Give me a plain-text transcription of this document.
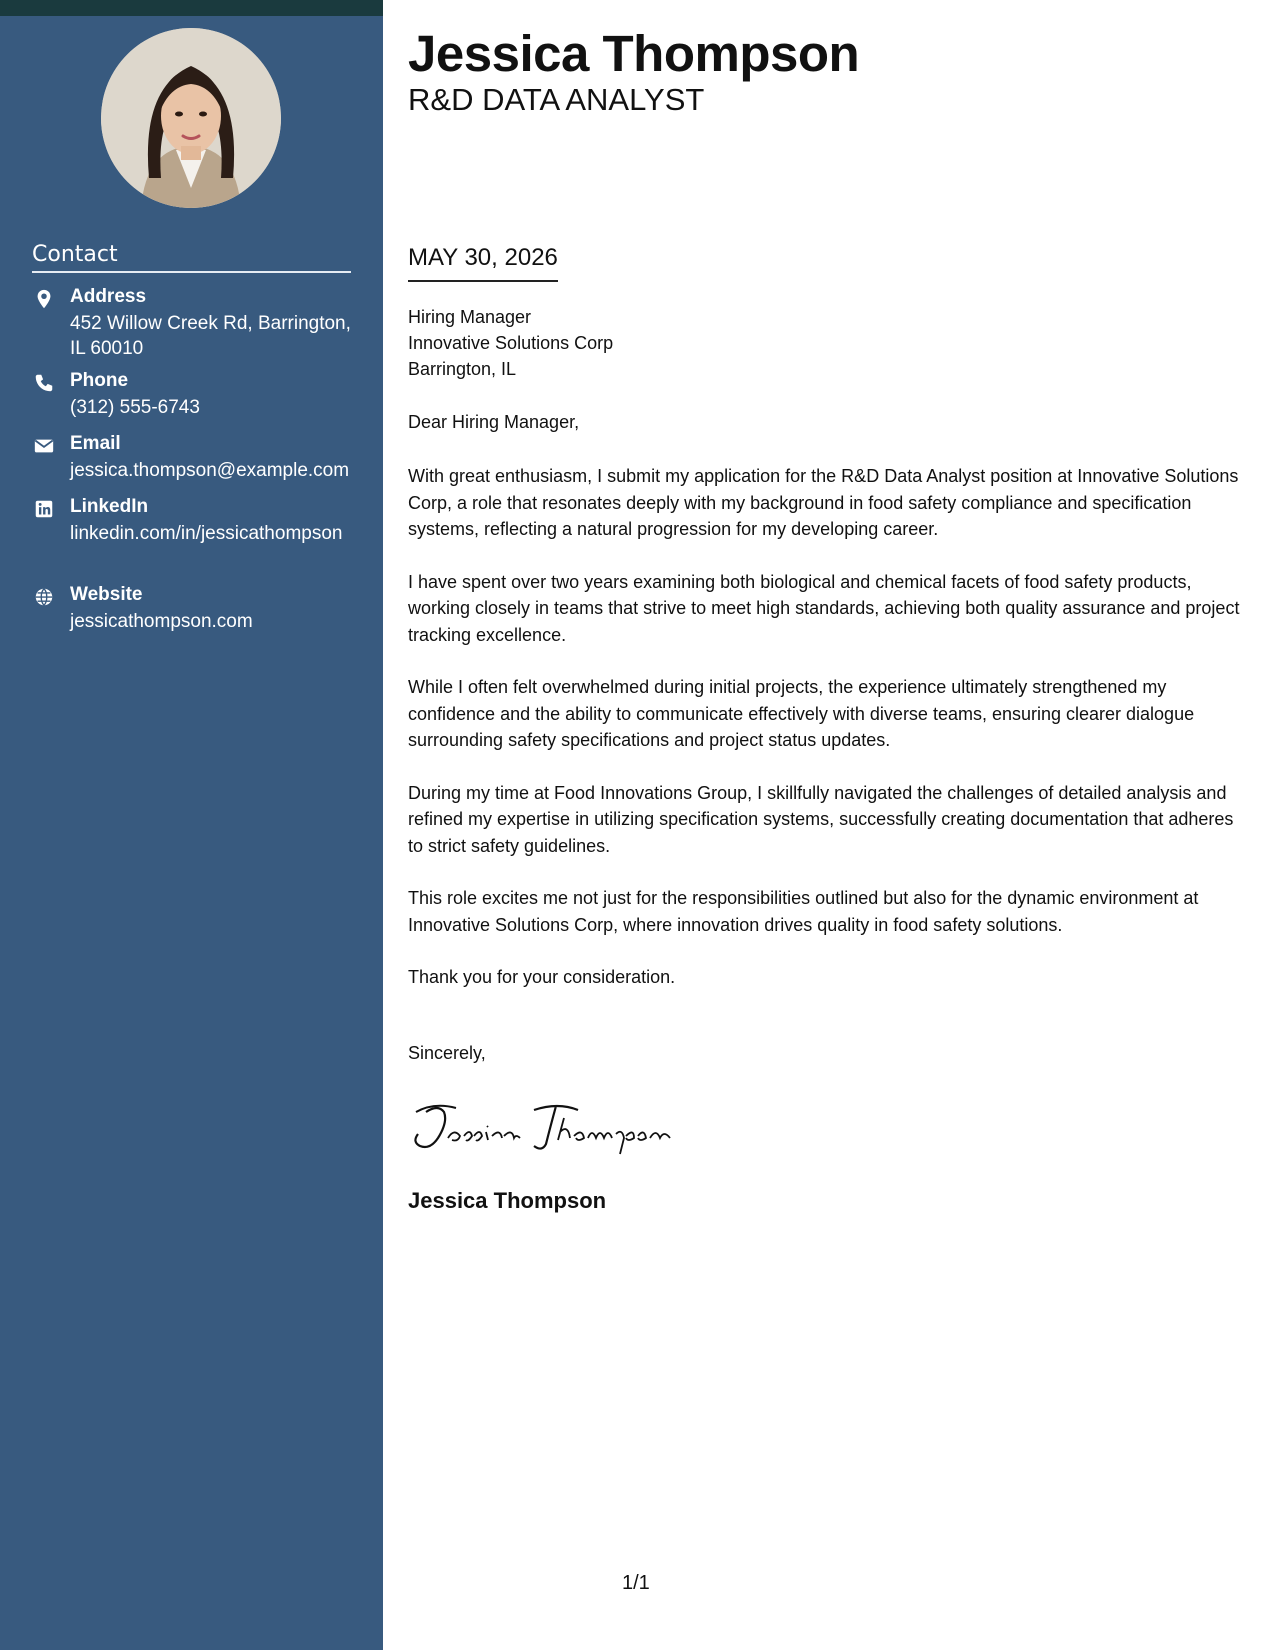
Contact
Address
452 Willow Creek Rd, Barrington, IL 60010
Phone
(312) 555-6743
Email
jessica.thompson@example.com
LinkedIn
linkedin.com/in/jessicathompson
Website
jessicathompson.com
Jessica Thompson
R&D DATA ANALYST
MAY 30, 2026
Hiring Manager
Innovative Solutions Corp
Barrington, IL
Dear Hiring Manager,

With great enthusiasm, I submit my application for the R&D Data Analyst position at Innovative Solutions Corp, a role that resonates deeply with my background in food safety compliance and specification systems, reflecting a natural progression for my developing career.

I have spent over two years examining both biological and chemical facets of food safety products, working closely in teams that strive to meet high standards, achieving both quality assurance and project tracking excellence.

While I often felt overwhelmed during initial projects, the experience ultimately strengthened my confidence and the ability to communicate effectively with diverse teams, ensuring clearer dialogue surrounding safety specifications and project status updates.

During my time at Food Innovations Group, I skillfully navigated the challenges of detailed analysis and refined my expertise in utilizing specification systems, successfully creating documentation that adheres to strict safety guidelines.

This role excites me not just for the responsibilities outlined but also for the dynamic environment at Innovative Solutions Corp, where innovation drives quality in food safety solutions.

Thank you for your consideration.

Sincerely,
Jessica Thompson
1/1
